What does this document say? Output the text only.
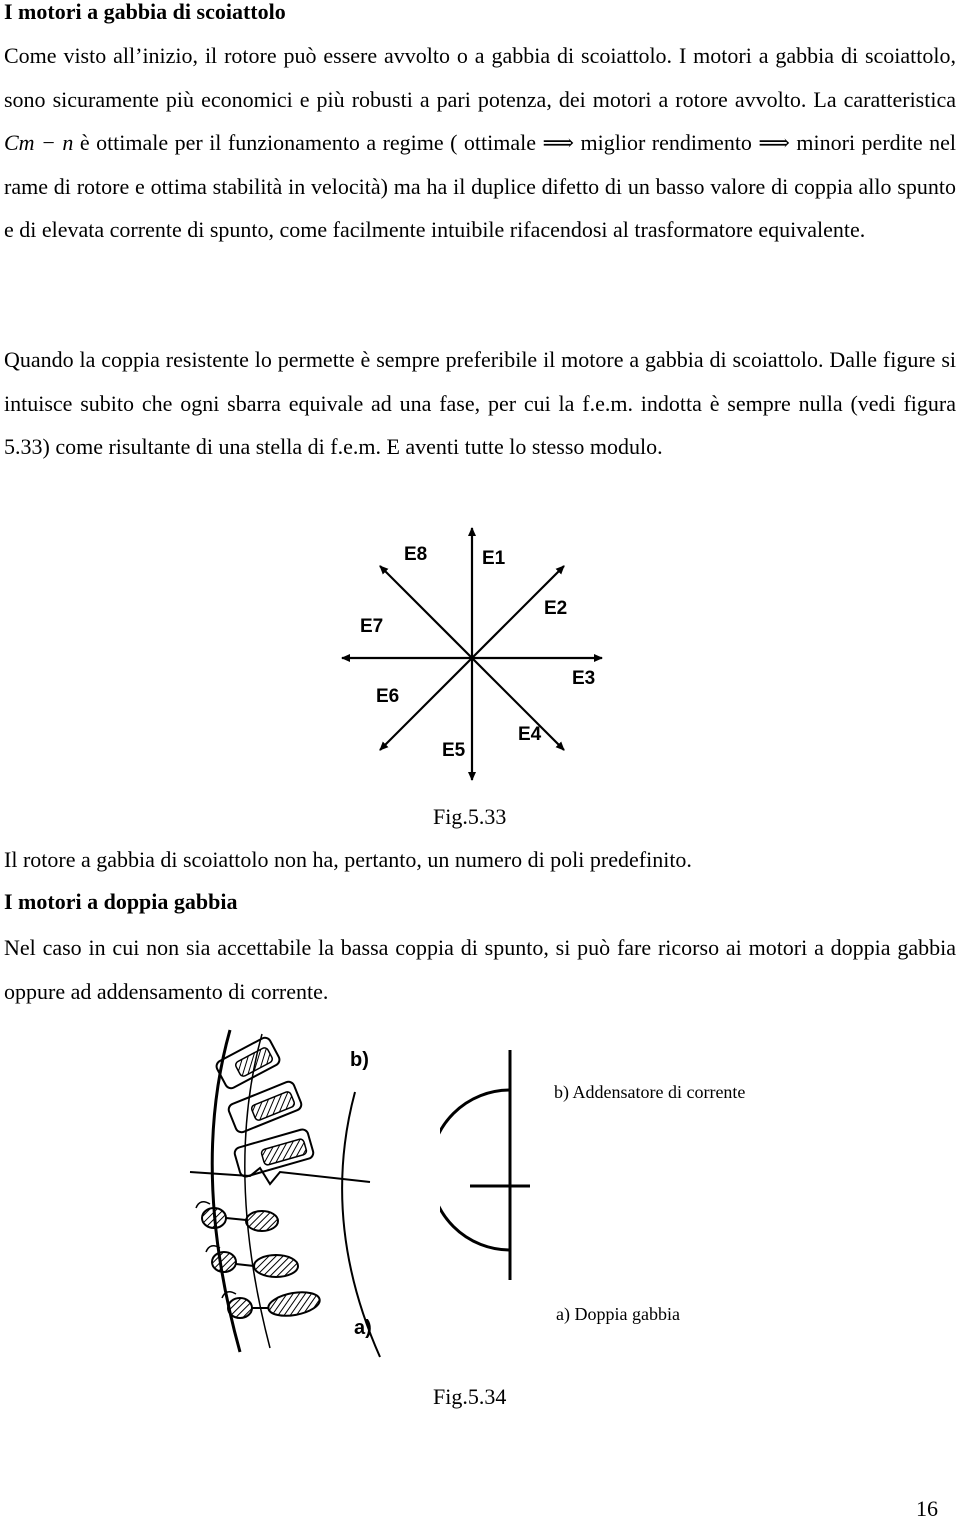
I motori a gabbia di scoiattolo
Come visto all’inizio, il rotore può essere avvolto o a gabbia di scoiattolo. I motori a gabbia di scoiattolo, sono sicuramente più economici e più robusti a pari potenza, dei motori a rotore avvolto. La caratteristica Cm − n è ottimale per il funzionamento a regime ( ottimale ⟹ miglior rendimento ⟹ minori perdite nel rame di rotore e ottima stabilità in velocità) ma ha il duplice difetto di un basso valore di coppia allo spunto e di elevata corrente di spunto, come facilmente intuibile rifacendosi al trasformatore equivalente.
Quando la coppia resistente lo permette è sempre preferibile il motore a gabbia di scoiattolo. Dalle figure si intuisce subito che ogni sbarra equivale ad una fase, per cui la f.e.m. indotta è sempre nulla (vedi figura 5.33) come risultante di una stella di f.e.m. E aventi tutte lo stesso modulo.
E8	E1
E2
E7
E3
E6
E4
E5
Fig.5.33
Il rotore a gabbia di scoiattolo non ha, pertanto, un numero di poli predefinito.
I motori a doppia gabbia
Nel caso in cui non sia accettabile la bassa coppia di spunto, si può fare ricorso ai motori a doppia gabbia oppure ad addensamento di corrente.
b)
a)
b) Addensatore di corrente
a) Doppia gabbia
Fig.5.34
16
